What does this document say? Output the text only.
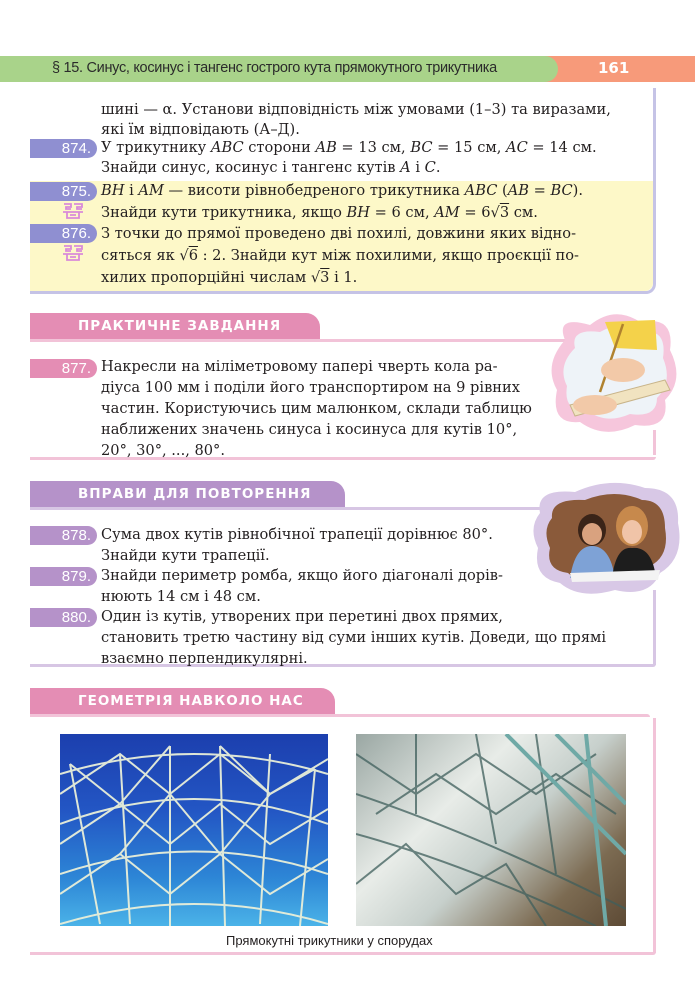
§ 15. Синус, косинус і тангенс гострого кута прямокутного трикутника	161
шині — α. Установи відповідність між умовами (1–3) та виразами,
які їм відповідають (А–Д).
874. У трикутнику ABC сторони AB = 13 см, BC = 15 см, AC = 14 см.
Знайди синус, косинус і тангенс кутів A і C.
875. BH і AM — висоти рівнобедреного трикутника ABC (AB = BC).
Знайди кути трикутника, якщо BH = 6 см, AM = 6√3 см.
876. З точки до прямої проведено дві похилі, довжини яких відно-
сяться як √6 : 2. Знайди кут між похилими, якщо проєкції по-
хилих пропорційні числам √3 і 1.
ПРАКТИЧНЕ ЗАВДАННЯ
877. Накресли на міліметровому папері чверть кола ра-
діуса 100 мм і поділи його транспортиром на 9 рівних
частин. Користуючись цим малюнком, склади таблицю
наближених значень синуса і косинуса для кутів 10°,
20°, 30°, ..., 80°.
ВПРАВИ ДЛЯ ПОВТОРЕННЯ
878. Сума двох кутів рівнобічної трапеції дорівнює 80°.
Знайди кути трапеції.
879. Знайди периметр ромба, якщо його діагоналі дорів-
нюють 14 см і 48 см.
880. Один із кутів, утворених при перетині двох прямих,
становить третю частину від суми інших кутів. Доведи, що прямі
взаємно перпендикулярні.
ГЕОМЕТРІЯ НАВКОЛО НАС
Прямокутні трикутники у спорудах
